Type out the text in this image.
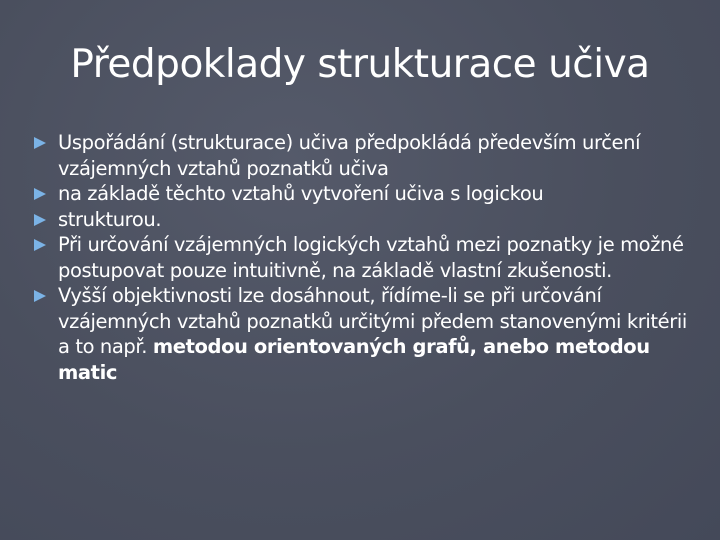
Předpoklady strukturace učiva
Uspořádání (strukturace) učiva předpokládá především určení vzájemných vztahů poznatků učiva
na základě těchto vztahů vytvoření učiva s logickou
strukturou.
Při určování vzájemných logických vztahů mezi poznatky je možné postupovat pouze intuitivně, na základě vlastní zkušenosti.
Vyšší objektivnosti lze dosáhnout, řídíme-li se při určování vzájemných vztahů poznatků určitými předem stanovenými kritérii a to např. metodou orientovaných grafů, anebo metodou matic
